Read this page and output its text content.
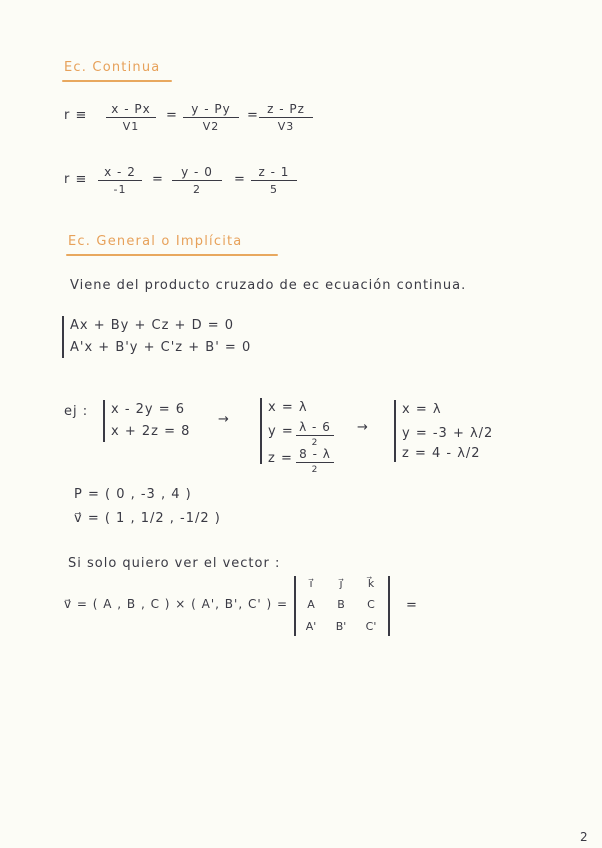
Ec. Continua
r ≡	x - Px
V1
=	y - Py
V2
= z - Pz
V3
r ≡	x - 2
-1
=	y - 0
2
=	z - 1
5
Ec. General o Implícita
Viene del producto cruzado de ec ecuación continua.
Ax + By + Cz + D = 0
A'x + B'y + C'z + B' = 0
ej : x - 2y = 6
x + 2z = 8
→
x = λ
y = λ - 6
2
z = 8 - λ
2
→
x = λ
y = -3 + λ/2
z = 4 - λ/2
P = ( 0 , -3 , 4 )
v⃗ = ( 1 , 1/2 , -1/2 )
Si solo quiero ver el vector :
v⃗ = ( A , B , C ) × ( A', B', C' ) =
i⃗	j⃗	k⃗
A	B	C
A'	B'	C'
=
2
